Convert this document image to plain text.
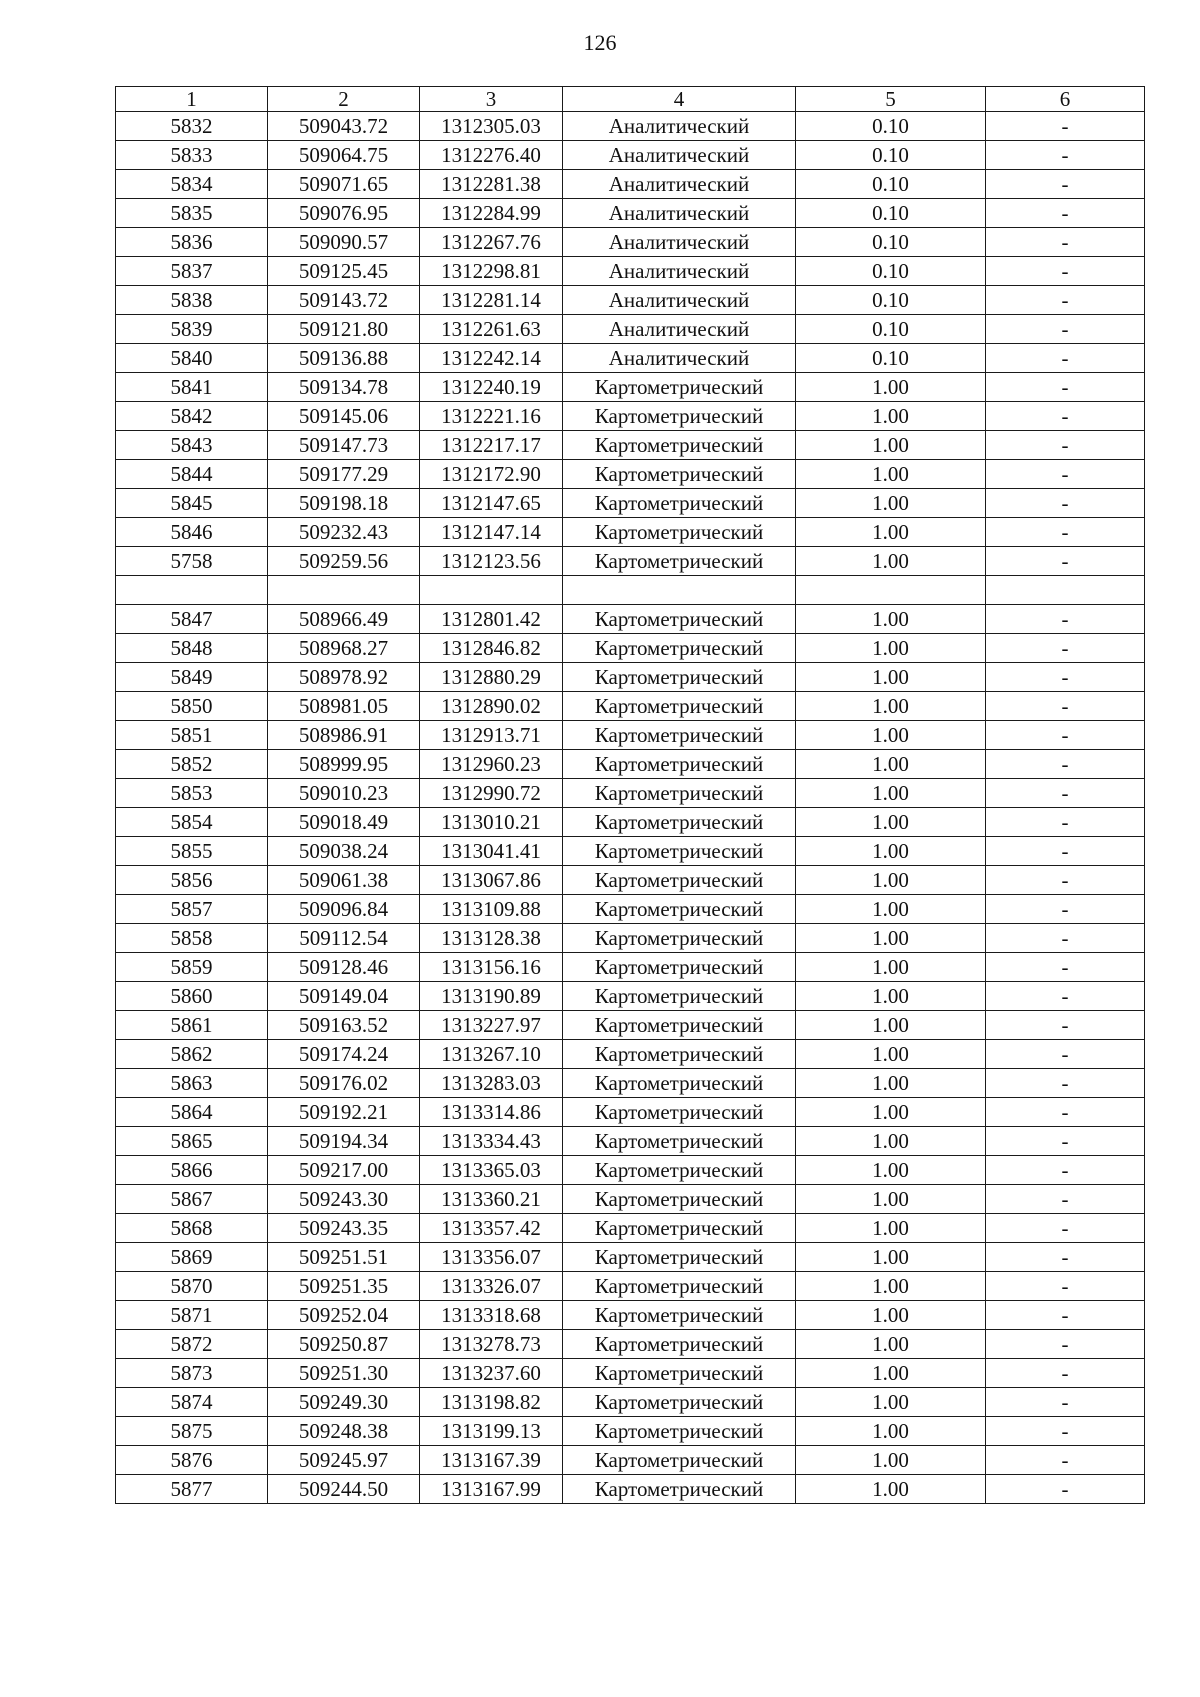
126
1	2	3	4	5	6
5832	509043.72	1312305.03	Аналитический	0.10	-
5833	509064.75	1312276.40	Аналитический	0.10	-
5834	509071.65	1312281.38	Аналитический	0.10	-
5835	509076.95	1312284.99	Аналитический	0.10	-
5836	509090.57	1312267.76	Аналитический	0.10	-
5837	509125.45	1312298.81	Аналитический	0.10	-
5838	509143.72	1312281.14	Аналитический	0.10	-
5839	509121.80	1312261.63	Аналитический	0.10	-
5840	509136.88	1312242.14	Аналитический	0.10	-
5841	509134.78	1312240.19	Картометрический	1.00	-
5842	509145.06	1312221.16	Картометрический	1.00	-
5843	509147.73	1312217.17	Картометрический	1.00	-
5844	509177.29	1312172.90	Картометрический	1.00	-
5845	509198.18	1312147.65	Картометрический	1.00	-
5846	509232.43	1312147.14	Картометрический	1.00	-
5758	509259.56	1312123.56	Картометрический	1.00	-

5847	508966.49	1312801.42	Картометрический	1.00	-
5848	508968.27	1312846.82	Картометрический	1.00	-
5849	508978.92	1312880.29	Картометрический	1.00	-
5850	508981.05	1312890.02	Картометрический	1.00	-
5851	508986.91	1312913.71	Картометрический	1.00	-
5852	508999.95	1312960.23	Картометрический	1.00	-
5853	509010.23	1312990.72	Картометрический	1.00	-
5854	509018.49	1313010.21	Картометрический	1.00	-
5855	509038.24	1313041.41	Картометрический	1.00	-
5856	509061.38	1313067.86	Картометрический	1.00	-
5857	509096.84	1313109.88	Картометрический	1.00	-
5858	509112.54	1313128.38	Картометрический	1.00	-
5859	509128.46	1313156.16	Картометрический	1.00	-
5860	509149.04	1313190.89	Картометрический	1.00	-
5861	509163.52	1313227.97	Картометрический	1.00	-
5862	509174.24	1313267.10	Картометрический	1.00	-
5863	509176.02	1313283.03	Картометрический	1.00	-
5864	509192.21	1313314.86	Картометрический	1.00	-
5865	509194.34	1313334.43	Картометрический	1.00	-
5866	509217.00	1313365.03	Картометрический	1.00	-
5867	509243.30	1313360.21	Картометрический	1.00	-
5868	509243.35	1313357.42	Картометрический	1.00	-
5869	509251.51	1313356.07	Картометрический	1.00	-
5870	509251.35	1313326.07	Картометрический	1.00	-
5871	509252.04	1313318.68	Картометрический	1.00	-
5872	509250.87	1313278.73	Картометрический	1.00	-
5873	509251.30	1313237.60	Картометрический	1.00	-
5874	509249.30	1313198.82	Картометрический	1.00	-
5875	509248.38	1313199.13	Картометрический	1.00	-
5876	509245.97	1313167.39	Картометрический	1.00	-
5877	509244.50	1313167.99	Картометрический	1.00	-
